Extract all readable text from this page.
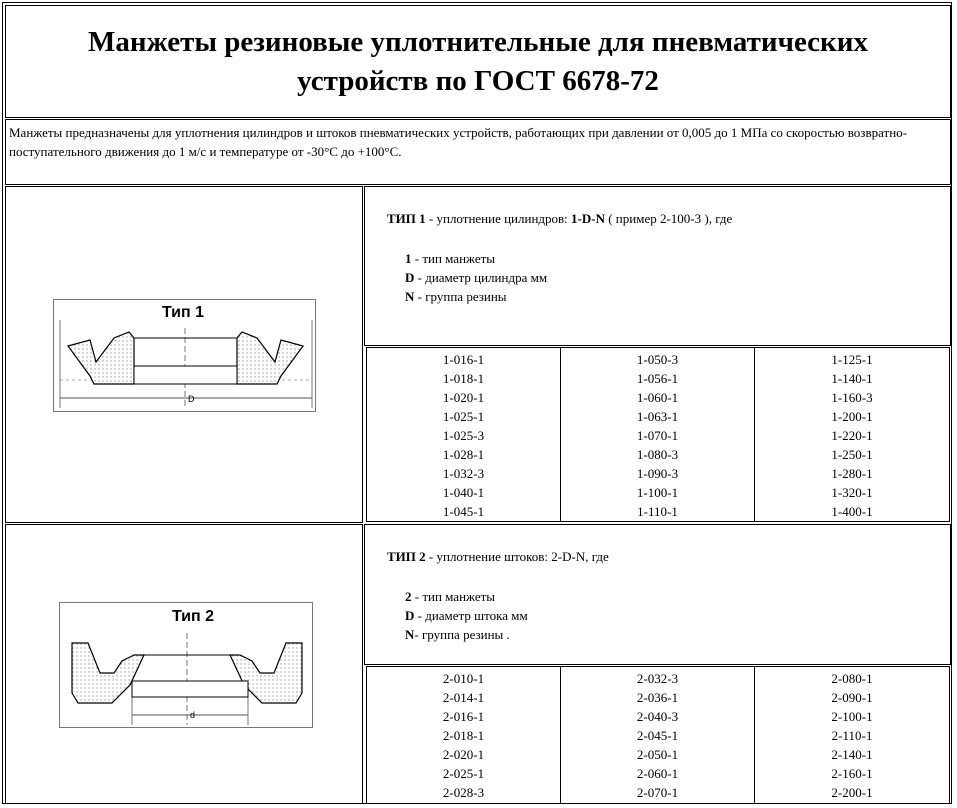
Манжеты резиновые уплотнительные для пневматических устройств по ГОСТ 6678-72
Манжеты предназначены для уплотнения цилиндров и штоков пневматических устройств, работающих при давлении от 0,005 до 1 МПа со скоростью возвратно-поступательного движения до 1 м/с и температуре от -30°С до +100°С.
Тип 1
D
ТИП 1 - уплотнение цилиндров: 1-D-N ( пример 2-100-3 ), где
1 - тип манжеты
D - диаметр цилиндра мм
N - группа резины
1-016-1
1-018-1
1-020-1
1-025-1
1-025-3
1-028-1
1-032-3
1-040-1
1-045-1
1-050-3
1-056-1
1-060-1
1-063-1
1-070-1
1-080-3
1-090-3
1-100-1
1-110-1
1-125-1
1-140-1
1-160-3
1-200-1
1-220-1
1-250-1
1-280-1
1-320-1
1-400-1
Тип 2
d
ТИП 2 - уплотнение штоков: 2-D-N, где
2 - тип манжеты
D - диаметр штока мм
N- группа резины .
2-010-1
2-014-1
2-016-1
2-018-1
2-020-1
2-025-1
2-028-3
2-032-3
2-036-1
2-040-3
2-045-1
2-050-1
2-060-1
2-070-1
2-080-1
2-090-1
2-100-1
2-110-1
2-140-1
2-160-1
2-200-1
